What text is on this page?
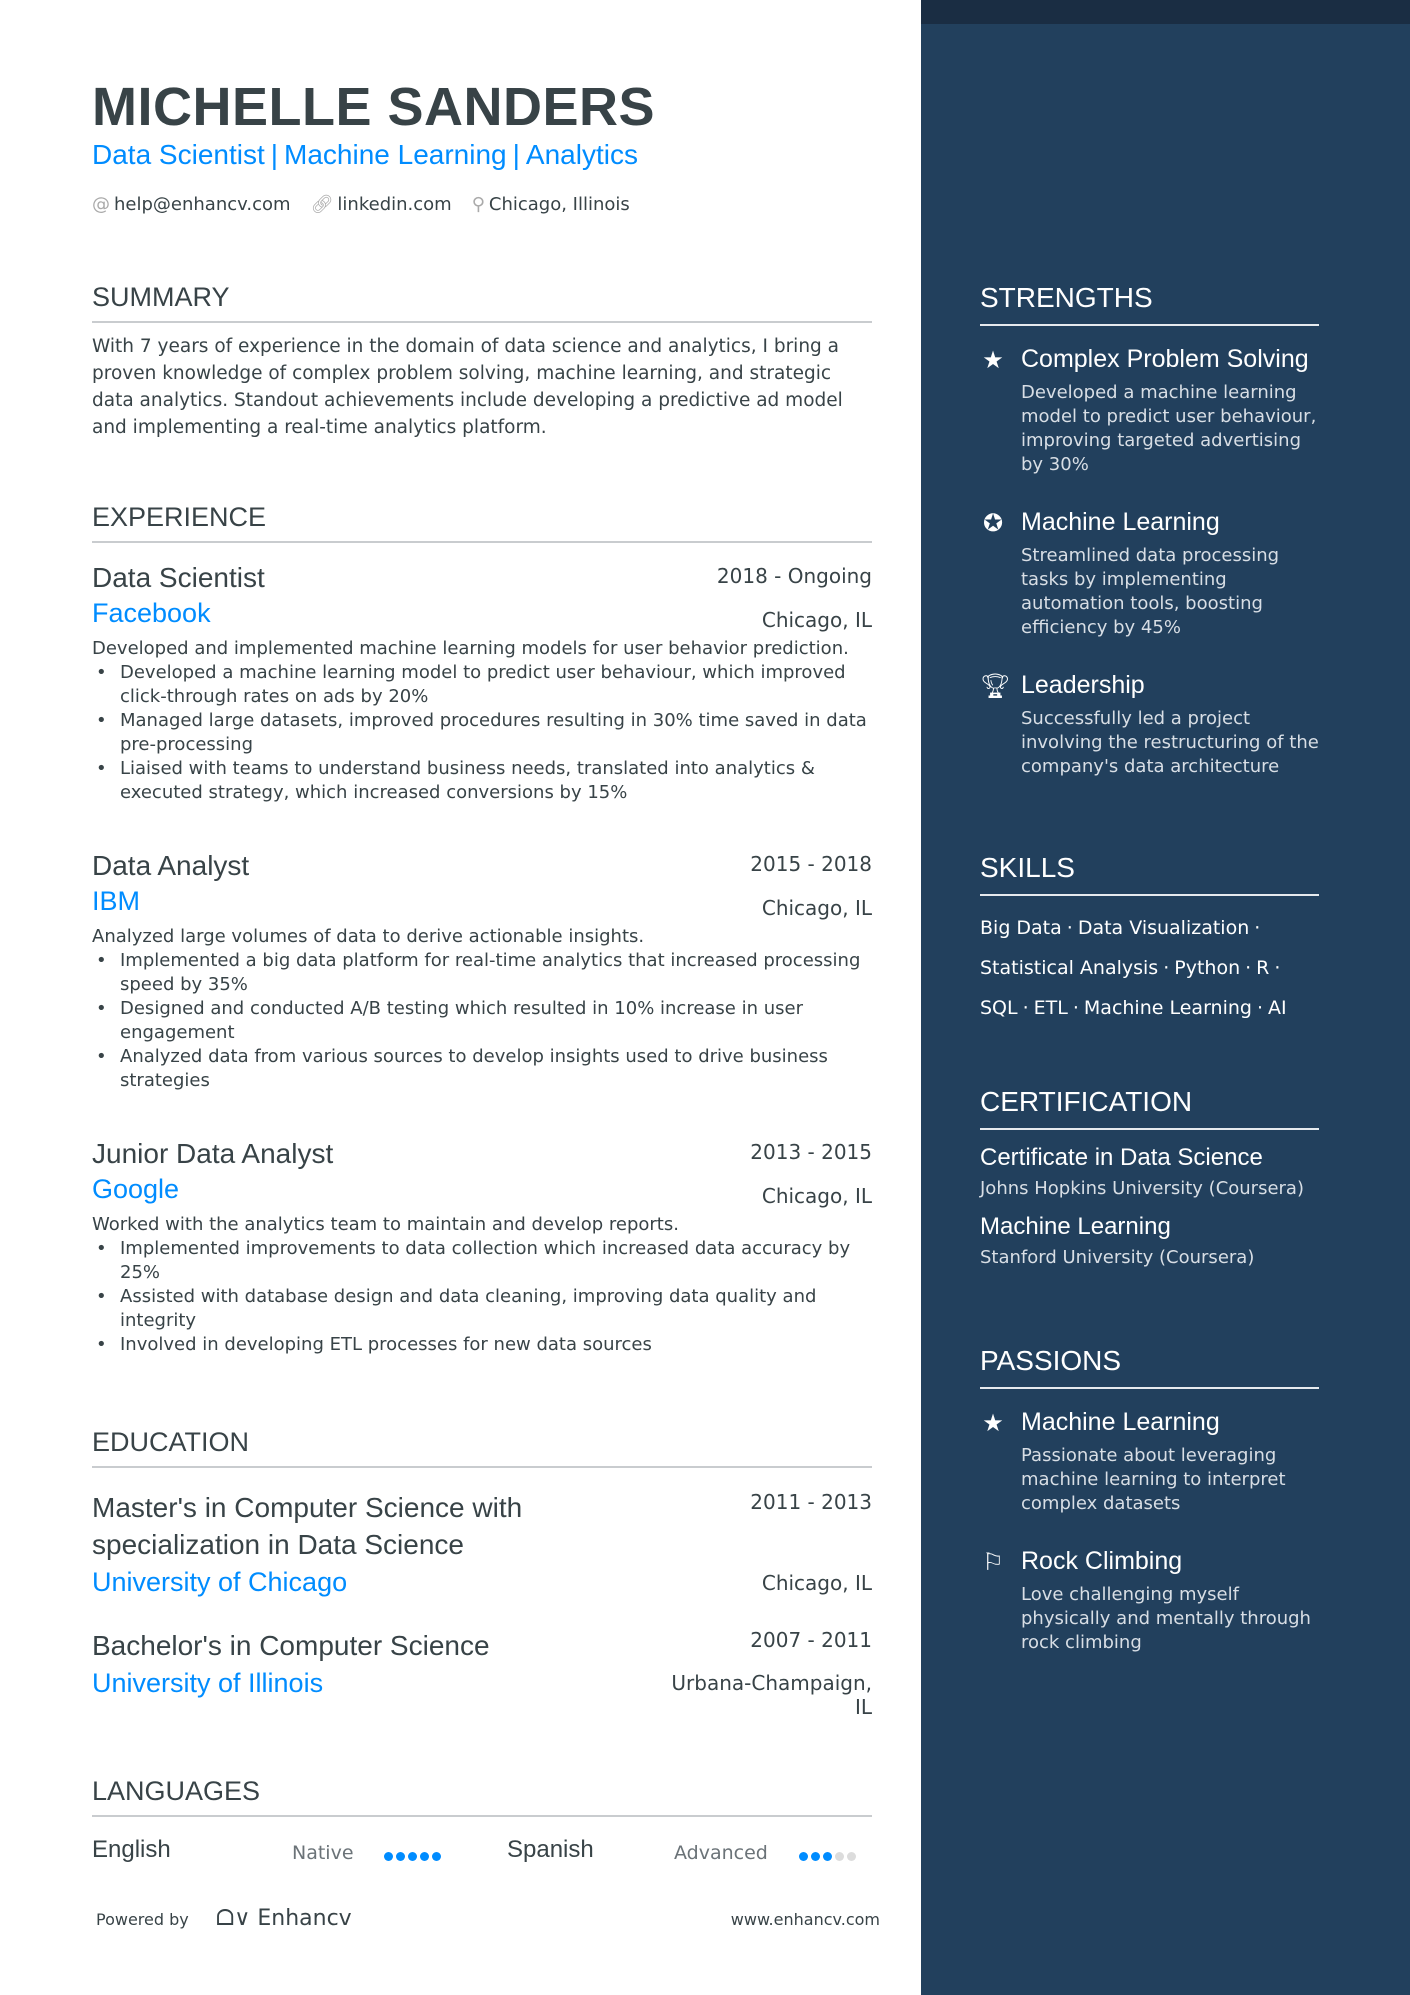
MICHELLE SANDERS
Data Scientist | Machine Learning | Analytics
@ help@enhancv.com 🔗︎ linkedin.com ⚲ Chicago, Illinois
SUMMARY
With 7 years of experience in the domain of data science and analytics, I bring a proven knowledge of complex problem solving, machine learning, and strategic data analytics. Standout achievements include developing a predictive ad model and implementing a real-time analytics platform.
EXPERIENCE
Data Scientist	2018 - Ongoing
Facebook	Chicago, IL
Developed and implemented machine learning models for user behavior prediction.
• Developed a machine learning model to predict user behaviour, which improved click-through rates on ads by 20%
• Managed large datasets, improved procedures resulting in 30% time saved in data pre-processing
• Liaised with teams to understand business needs, translated into analytics & executed strategy, which increased conversions by 15%
Data Analyst	2015 - 2018
IBM	Chicago, IL
Analyzed large volumes of data to derive actionable insights.
• Implemented a big data platform for real-time analytics that increased processing speed by 35%
• Designed and conducted A/B testing which resulted in 10% increase in user engagement
• Analyzed data from various sources to develop insights used to drive business strategies
Junior Data Analyst	2013 - 2015
Google	Chicago, IL
Worked with the analytics team to maintain and develop reports.
• Implemented improvements to data collection which increased data accuracy by 25%
• Assisted with database design and data cleaning, improving data quality and integrity
• Involved in developing ETL processes for new data sources
EDUCATION
Master's in Computer Science with specialization in Data Science
2011 - 2013
University of Chicago	Chicago, IL
Bachelor's in Computer Science	2007 - 2011
University of Illinois	Urbana-Champaign, IL
LANGUAGES
English	Native	Spanish	Advanced
Powered by ᗝ∨ Enhancv	www.enhancv.com
STRENGTHS
★ Complex Problem Solving
Developed a machine learning model to predict user behaviour, improving targeted advertising by 30%
✪ Machine Learning
Streamlined data processing tasks by implementing automation tools, boosting efficiency by 45%
🏆︎ Leadership
Successfully led a project involving the restructuring of the company's data architecture
SKILLS
Big Data · Data Visualization ·
Statistical Analysis · Python · R ·
SQL · ETL · Machine Learning · AI
CERTIFICATION
Certificate in Data Science
Johns Hopkins University (Coursera)
Machine Learning
Stanford University (Coursera)
PASSIONS
★ Machine Learning
Passionate about leveraging machine learning to interpret complex datasets
⚐ Rock Climbing
Love challenging myself physically and mentally through rock climbing
